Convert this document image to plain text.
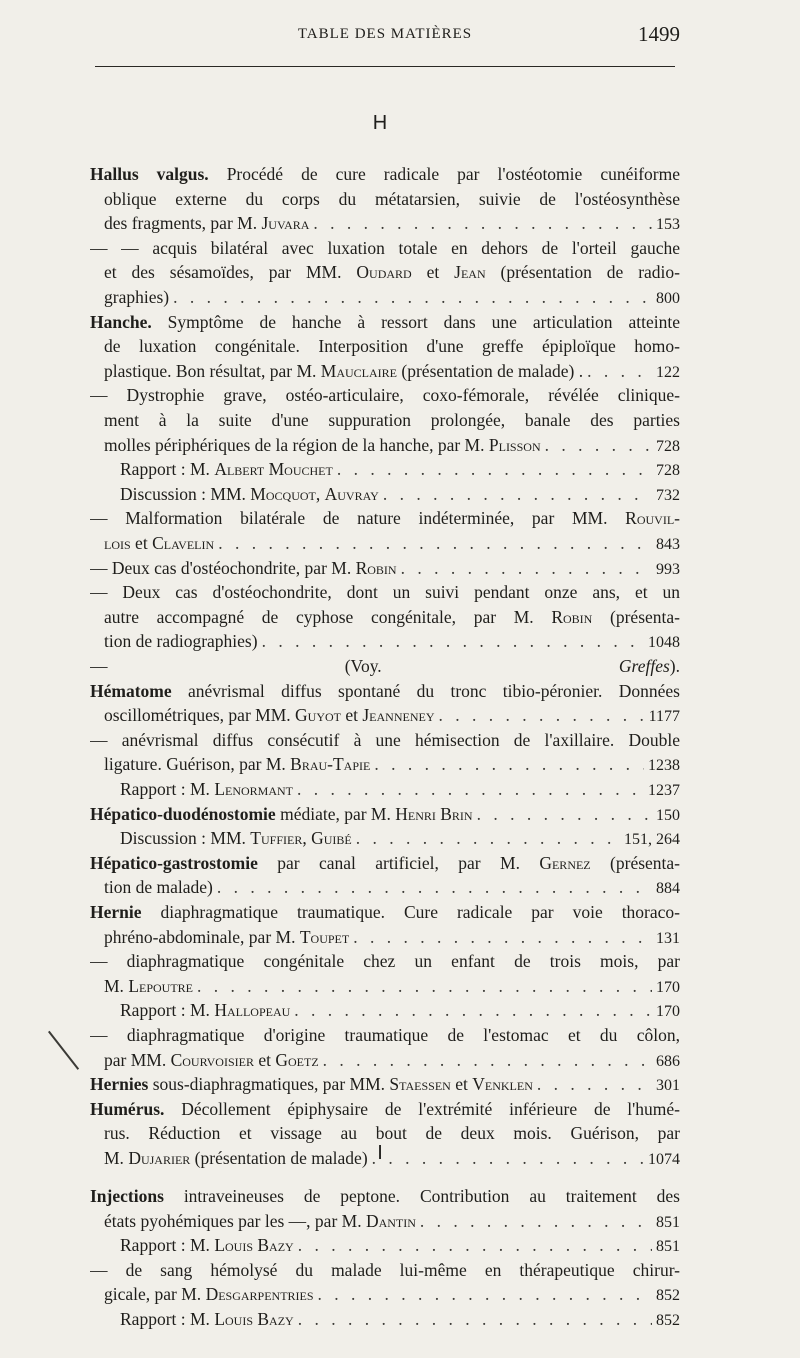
TABLE DES MATIÈRES	1499
H
Hallus valgus. Procédé de cure radicale par l'ostéotomie cunéiforme
oblique externe du corps du métatarsien, suivie de l'ostéosynthèse
des fragments, par M. Juvara . . .	153
— — acquis bilatéral avec luxation totale en dehors de l'orteil gauche
et des sésamoïdes, par MM. Oudard et Jean (présentation de radio-
graphies) . . .	800
Hanche. Symptôme de hanche à ressort dans une articulation atteinte
de luxation congénitale. Interposition d'une greffe épiploïque homo-
plastique. Bon résultat, par M. Mauclaire (présentation de malade) . . . .	122
— Dystrophie grave, ostéo-articulaire, coxo-fémorale, révélée clinique-
ment à la suite d'une suppuration prolongée, banale des parties
molles périphériques de la région de la hanche, par M. Plisson . . .	728
Rapport : M. Albert Mouchet . . .	728
Discussion : MM. Mocquot, Auvray . . .	732
— Malformation bilatérale de nature indéterminée, par MM. Rouvil-
lois et Clavelin . . .	843
— Deux cas d'ostéochondrite, par M. Robin . . .	993
— Deux cas d'ostéochondrite, dont un suivi pendant onze ans, et un
autre accompagné de cyphose congénitale, par M. Robin (présenta-
tion de radiographies) . . .	1048
— (Voy. Greffes).
Hématome anévrismal diffus spontané du tronc tibio-péronier. Données
oscillométriques, par MM. Guyot et Jeanneney . . .	1177
— anévrismal diffus consécutif à une hémisection de l'axillaire. Double
ligature. Guérison, par M. Brau-Tapie . . .	1238
Rapport : M. Lenormant . . .	1237
Hépatico-duodénostomie médiate, par M. Henri Brin . . .	150
Discussion : MM. Tuffier, Guibé . . .	151, 264
Hépatico-gastrostomie par canal artificiel, par M. Gernez (présenta-
tion de malade) . . .	884
Hernie diaphragmatique traumatique. Cure radicale par voie thoraco-
phréno-abdominale, par M. Toupet . . .	131
— diaphragmatique congénitale chez un enfant de trois mois, par
M. Lepoutre . . .	170
Rapport : M. Hallopeau . . .	170
— diaphragmatique d'origine traumatique de l'estomac et du côlon,
par MM. Courvoisier et Goetz . . .	686
Hernies sous-diaphragmatiques, par MM. Staessen et Venklen . . .	301
Humérus. Décollement épiphysaire de l'extrémité inférieure de l'humé-
rus. Réduction et vissage au bout de deux mois. Guérison, par
M. Dujarier (présentation de malade) . . .	1074
I
Injections intraveineuses de peptone. Contribution au traitement des
états pyohémiques par les —, par M. Dantin . . .	851
Rapport : M. Louis Bazy . . .	851
— de sang hémolysé du malade lui-même en thérapeutique chirur-
gicale, par M. Desgarpentries . . .	852
Rapport : M. Louis Bazy . . .	852
